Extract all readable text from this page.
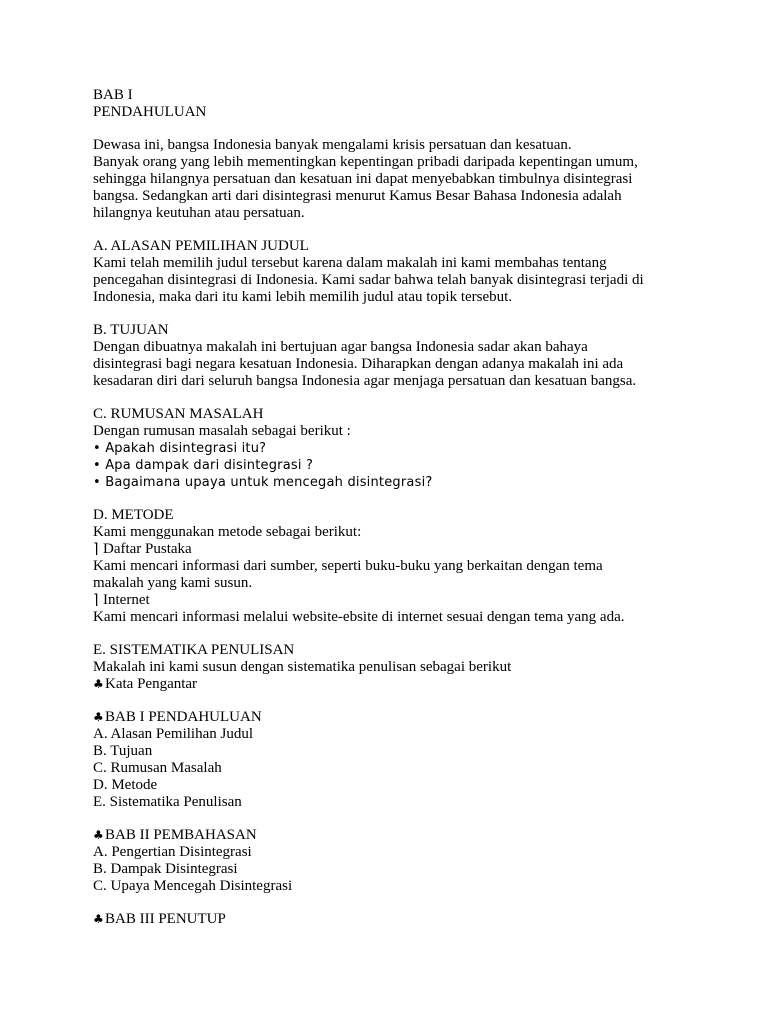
BAB I
PENDAHULUAN
Dewasa ini, bangsa Indonesia banyak mengalami krisis persatuan dan kesatuan.
Banyak orang yang lebih mementingkan kepentingan pribadi daripada kepentingan umum,
sehingga hilangnya persatuan dan kesatuan ini dapat menyebabkan timbulnya disintegrasi
bangsa. Sedangkan arti dari disintegrasi menurut Kamus Besar Bahasa Indonesia adalah
hilangnya keutuhan atau persatuan.
A. ALASAN PEMILIHAN JUDUL
Kami telah memilih judul tersebut karena dalam makalah ini kami membahas tentang
pencegahan disintegrasi di Indonesia. Kami sadar bahwa telah banyak disintegrasi terjadi di
Indonesia, maka dari itu kami lebih memilih judul atau topik tersebut.
B. TUJUAN
Dengan dibuatnya makalah ini bertujuan agar bangsa Indonesia sadar akan bahaya
disintegrasi bagi negara kesatuan Indonesia. Diharapkan dengan adanya makalah ini ada
kesadaran diri dari seluruh bangsa Indonesia agar menjaga persatuan dan kesatuan bangsa.
C. RUMUSAN MASALAH
Dengan rumusan masalah sebagai berikut :
• Apakah disintegrasi itu?
• Apa dampak dari disintegrasi ?
• Bagaimana upaya untuk mencegah disintegrasi?
D. METODE
Kami menggunakan metode sebagai berikut:
⌉ Daftar Pustaka
Kami mencari informasi dari sumber, seperti buku-buku yang berkaitan dengan tema
makalah yang kami susun.
⌉ Internet
Kami mencari informasi melalui website-ebsite di internet sesuai dengan tema yang ada.
E. SISTEMATIKA PENULISAN
Makalah ini kami susun dengan sistematika penulisan sebagai berikut
♣Kata Pengantar
♣BAB I PENDAHULUAN
A. Alasan Pemilihan Judul
B. Tujuan
C. Rumusan Masalah
D. Metode
E. Sistematika Penulisan
♣BAB II PEMBAHASAN
A. Pengertian Disintegrasi
B. Dampak Disintegrasi
C. Upaya Mencegah Disintegrasi
♣BAB III PENUTUP
